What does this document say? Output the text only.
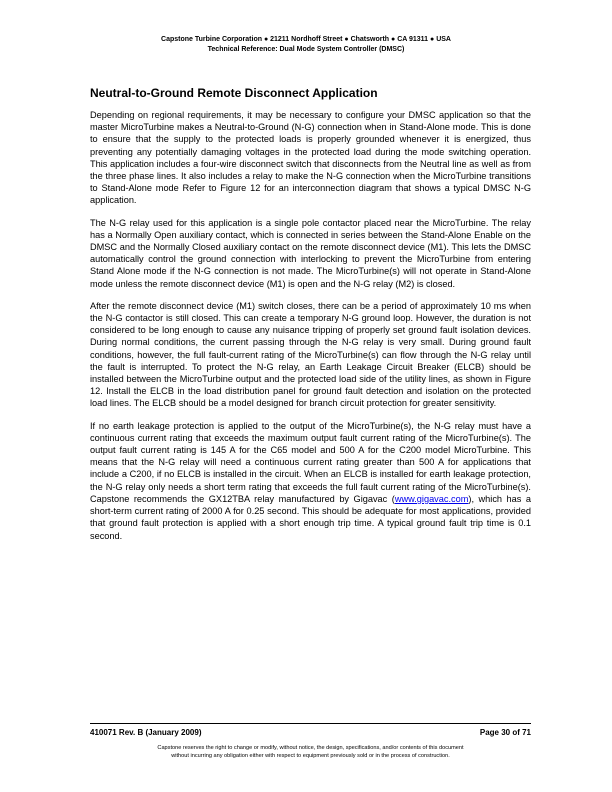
Capstone Turbine Corporation ● 21211 Nordhoff Street ● Chatsworth ● CA 91311 ● USA
Technical Reference: Dual Mode System Controller (DMSC)
Neutral-to-Ground Remote Disconnect Application

Depending on regional requirements, it may be necessary to configure your DMSC application so that the master MicroTurbine makes a Neutral-to-Ground (N-G) connection when in Stand-Alone mode. This is done to ensure that the supply to the protected loads is properly grounded whenever it is energized, thus preventing any potentially damaging voltages in the protected load during the mode switching operation. This application includes a four-wire disconnect switch that disconnects from the Neutral line as well as from the three phase lines. It also includes a relay to make the N-G connection when the MicroTurbine transitions to Stand-Alone mode Refer to Figure 12 for an interconnection diagram that shows a typical DMSC N-G application.

The N-G relay used for this application is a single pole contactor placed near the MicroTurbine. The relay has a Normally Open auxiliary contact, which is connected in series between the Stand-Alone Enable on the DMSC and the Normally Closed auxiliary contact on the remote disconnect device (M1). This lets the DMSC automatically control the ground connection with interlocking to prevent the MicroTurbine from entering Stand Alone mode if the N-G connection is not made. The MicroTurbine(s) will not operate in Stand-Alone mode unless the remote disconnect device (M1) is open and the N-G relay (M2) is closed.

After the remote disconnect device (M1) switch closes, there can be a period of approximately 10 ms when the N-G contactor is still closed. This can create a temporary N-G ground loop. However, the duration is not considered to be long enough to cause any nuisance tripping of properly set ground fault isolation devices. During normal conditions, the current passing through the N-G relay is very small. During ground fault conditions, however, the full fault-current rating of the MicroTurbine(s) can flow through the N-G relay until the fault is interrupted. To protect the N-G relay, an Earth Leakage Circuit Breaker (ELCB) should be installed between the MicroTurbine output and the protected load side of the utility lines, as shown in Figure 12. Install the ELCB in the load distribution panel for ground fault detection and isolation on the protected load lines. The ELCB should be a model designed for branch circuit protection for greater sensitivity.

If no earth leakage protection is applied to the output of the MicroTurbine(s), the N-G relay must have a continuous current rating that exceeds the maximum output fault current rating of the MicroTurbine(s). The output fault current rating is 145 A for the C65 model and 500 A for the C200 model MicroTurbine. This means that the N-G relay will need a continuous current rating greater than 500 A for applications that include a C200, if no ELCB is installed in the circuit. When an ELCB is installed for earth leakage protection, the N-G relay only needs a short term rating that exceeds the full fault current rating of the MicroTurbine(s). Capstone recommends the GX12TBA relay manufactured by Gigavac (www.gigavac.com), which has a short-term current rating of 2000 A for 0.25 second. This should be adequate for most applications, provided that ground fault protection is applied with a short enough trip time. A typical ground fault trip time is 0.1 second.

410071 Rev. B (January 2009)	Page 30 of 71
Capstone reserves the right to change or modify, without notice, the design, specifications, and/or contents of this document
without incurring any obligation either with respect to equipment previously sold or in the process of construction.
